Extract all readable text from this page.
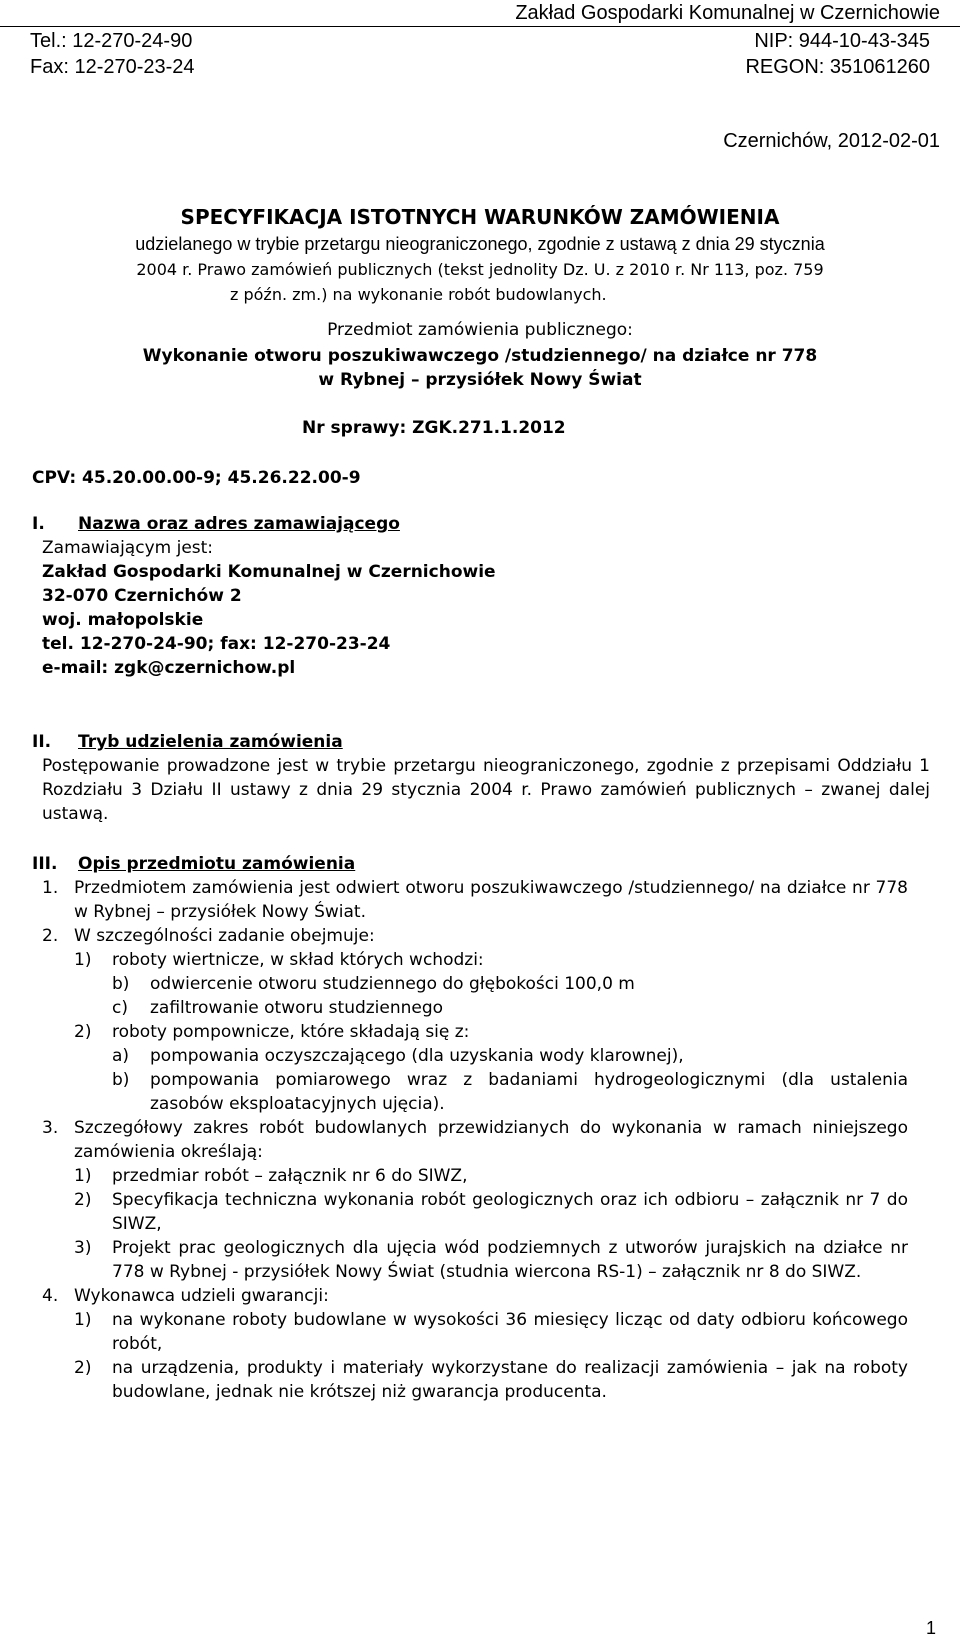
Zakład Gospodarki Komunalnej w Czernichowie
Tel.: 12-270-24-90	NIP: 944-10-43-345
Fax: 12-270-23-24	REGON: 351061260
Czernichów, 2012-02-01
SPECYFIKACJA ISTOTNYCH WARUNKÓW ZAMÓWIENIA
udzielanego w trybie przetargu nieograniczonego, zgodnie z ustawą z dnia 29 stycznia
2004 r. Prawo zamówień publicznych (tekst jednolity Dz. U. z 2010 r. Nr 113, poz. 759
z późn. zm.) na wykonanie robót budowlanych.
Przedmiot zamówienia publicznego:
Wykonanie otworu poszukiwawczego /studziennego/ na działce nr 778
w Rybnej – przysiółek Nowy Świat
Nr sprawy: ZGK.271.1.2012
CPV: 45.20.00.00-9; 45.26.22.00-9
I. Nazwa oraz adres zamawiającego
Zamawiającym jest:
Zakład Gospodarki Komunalnej w Czernichowie
32-070 Czernichów 2
woj. małopolskie
tel. 12-270-24-90; fax: 12-270-23-24
e-mail: zgk@czernichow.pl
II. Tryb udzielenia zamówienia
Postępowanie prowadzone jest w trybie przetargu nieograniczonego, zgodnie z przepisami Oddziału 1 Rozdziału 3 Działu II ustawy z dnia 29 stycznia 2004 r. Prawo zamówień publicznych – zwanej dalej ustawą.
III. Opis przedmiotu zamówienia
1. Przedmiotem zamówienia jest odwiert otworu poszukiwawczego /studziennego/ na działce nr 778 w Rybnej – przysiółek Nowy Świat.
2. W szczególności zadanie obejmuje:
1) roboty wiertnicze, w skład których wchodzi:
b) odwiercenie otworu studziennego do głębokości 100,0 m
c) zafiltrowanie otworu studziennego
2) roboty pompownicze, które składają się z:
a) pompowania oczyszczającego (dla uzyskania wody klarownej),
b) pompowania pomiarowego wraz z badaniami hydrogeologicznymi (dla ustalenia zasobów eksploatacyjnych ujęcia).
3. Szczegółowy zakres robót budowlanych przewidzianych do wykonania w ramach niniejszego zamówienia określają:
1) przedmiar robót – załącznik nr 6 do SIWZ,
2) Specyfikacja techniczna wykonania robót geologicznych oraz ich odbioru – załącznik nr 7 do SIWZ,
3) Projekt prac geologicznych dla ujęcia wód podziemnych z utworów jurajskich na działce nr 778 w Rybnej - przysiółek Nowy Świat (studnia wiercona RS-1) – załącznik nr 8 do SIWZ.
4. Wykonawca udzieli gwarancji:
1) na wykonane roboty budowlane w wysokości 36 miesięcy licząc od daty odbioru końcowego robót,
2) na urządzenia, produkty i materiały wykorzystane do realizacji zamówienia – jak na roboty budowlane, jednak nie krótszej niż gwarancja producenta.
1
